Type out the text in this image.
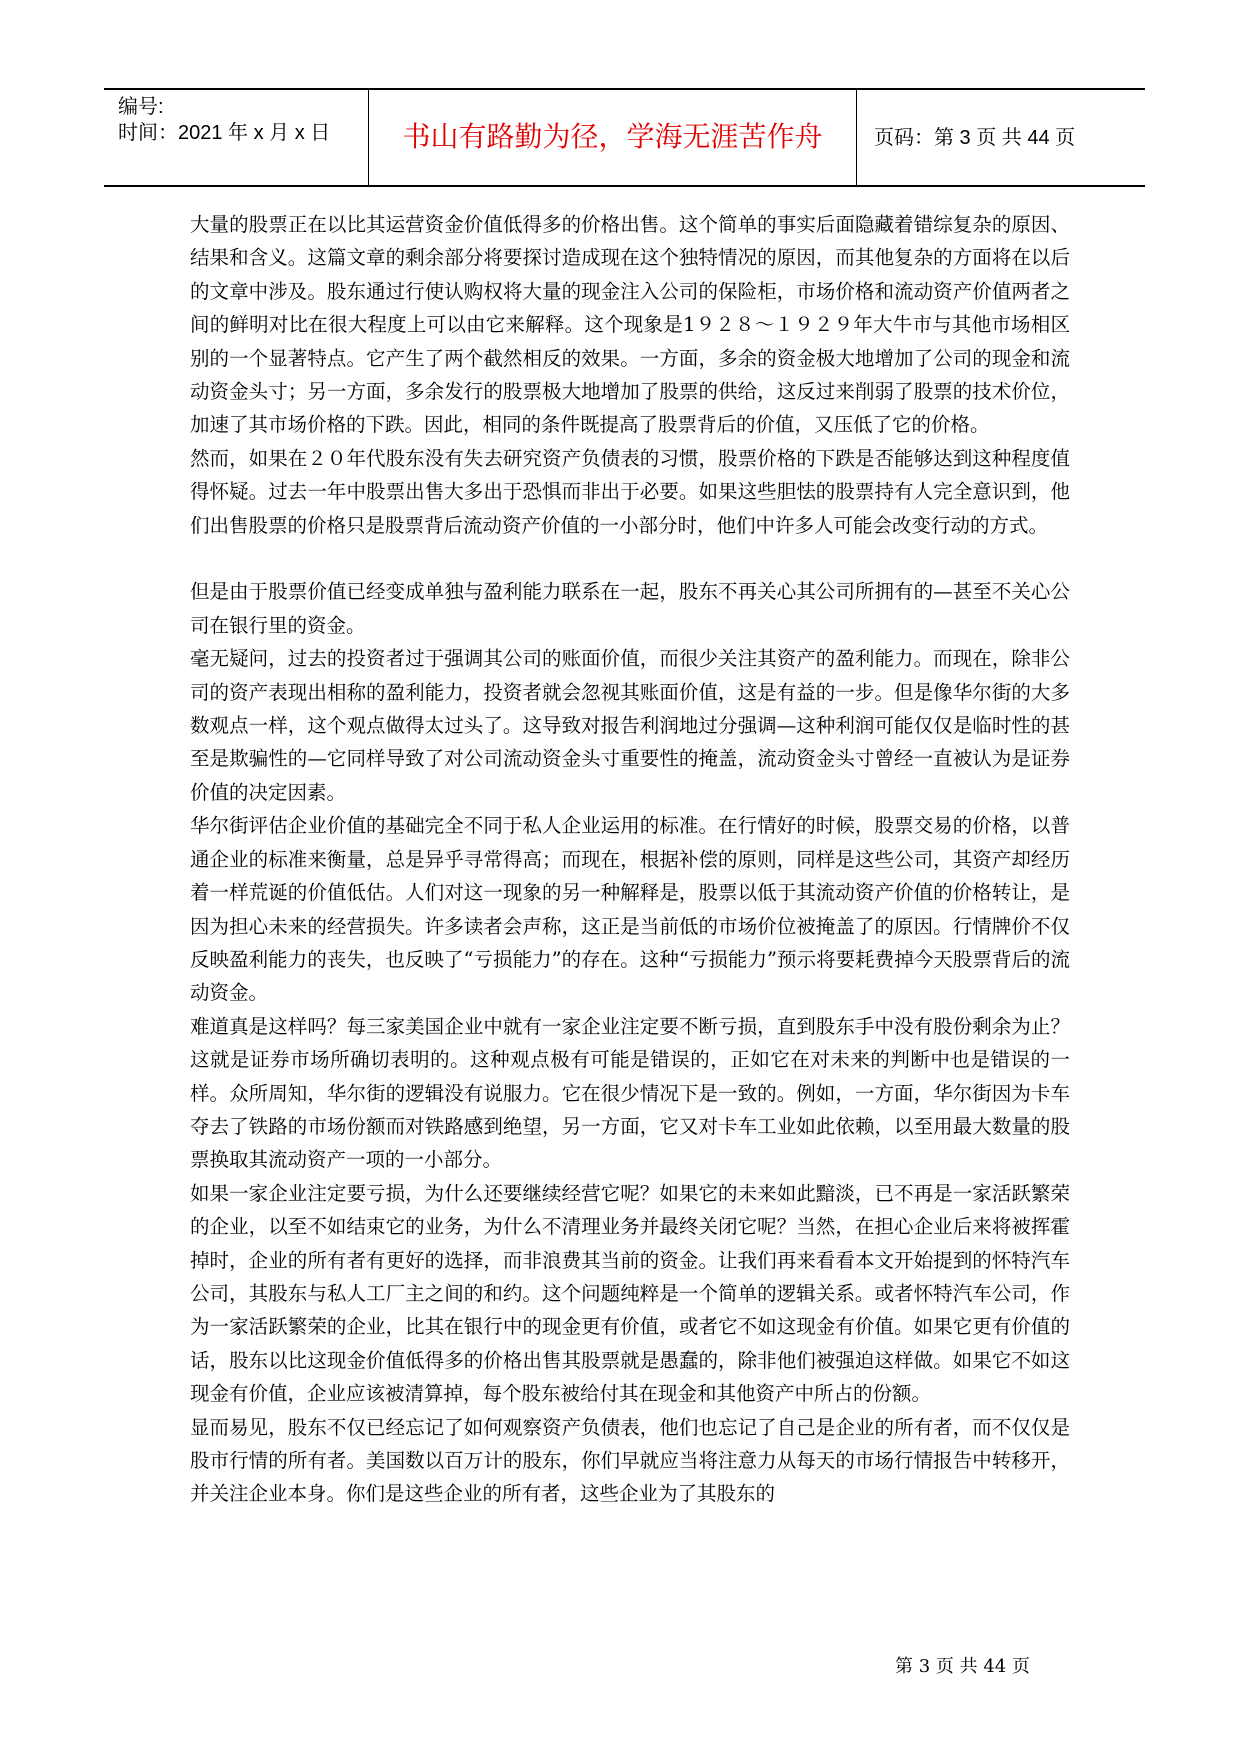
编号:
时间：2021 年 x 月 x 日	书山有路勤为径，学海无涯苦作舟	页码：第 3 页 共 44 页

大量的股票正在以比其运营资金价值低得多的价格出售。这个简单的事实后面隐藏着错综复杂的原因、结果和含义。这篇文章的剩余部分将要探讨造成现在这个独特情况的原因，而其他复杂的方面将在以后的文章中涉及。股东通过行使认购权将大量的现金注入公司的保险柜，市场价格和流动资产价值两者之间的鲜明对比在很大程度上可以由它来解释。这个现象是1９２８～１９２９年大牛市与其他市场相区别的一个显著特点。它产生了两个截然相反的效果。一方面，多余的资金极大地增加了公司的现金和流动资金头寸；另一方面，多余发行的股票极大地增加了股票的供给，这反过来削弱了股票的技术价位，加速了其市场价格的下跌。因此，相同的条件既提高了股票背后的价值，又压低了它的价格。

然而，如果在２０年代股东没有失去研究资产负债表的习惯，股票价格的下跌是否能够达到这种程度值得怀疑。过去一年中股票出售大多出于恐惧而非出于必要。如果这些胆怯的股票持有人完全意识到，他们出售股票的价格只是股票背后流动资产价值的一小部分时，他们中许多人可能会改变行动的方式。

但是由于股票价值已经变成单独与盈利能力联系在一起，股东不再关心其公司所拥有的—甚至不关心公司在银行里的资金。

毫无疑问，过去的投资者过于强调其公司的账面价值，而很少关注其资产的盈利能力。而现在，除非公司的资产表现出相称的盈利能力，投资者就会忽视其账面价值，这是有益的一步。但是像华尔街的大多数观点一样，这个观点做得太过头了。这导致对报告利润地过分强调—这种利润可能仅仅是临时性的甚至是欺骗性的—它同样导致了对公司流动资金头寸重要性的掩盖，流动资金头寸曾经一直被认为是证券价值的决定因素。

华尔街评估企业价值的基础完全不同于私人企业运用的标准。在行情好的时候，股票交易的价格，以普通企业的标准来衡量，总是异乎寻常得高；而现在，根据补偿的原则，同样是这些公司，其资产却经历着一样荒诞的价值低估。人们对这一现象的另一种解释是，股票以低于其流动资产价值的价格转让，是因为担心未来的经营损失。许多读者会声称，这正是当前低的市场价位被掩盖了的原因。行情牌价不仅反映盈利能力的丧失，也反映了“亏损能力”的存在。这种“亏损能力”预示将要耗费掉今天股票背后的流动资金。

难道真是这样吗？每三家美国企业中就有一家企业注定要不断亏损，直到股东手中没有股份剩余为止？这就是证券市场所确切表明的。这种观点极有可能是错误的，正如它在对未来的判断中也是错误的一样。众所周知，华尔街的逻辑没有说服力。它在很少情况下是一致的。例如，一方面，华尔街因为卡车夺去了铁路的市场份额而对铁路感到绝望，另一方面，它又对卡车工业如此依赖，以至用最大数量的股票换取其流动资产一项的一小部分。

如果一家企业注定要亏损，为什么还要继续经营它呢？如果它的未来如此黯淡，已不再是一家活跃繁荣的企业，以至不如结束它的业务，为什么不清理业务并最终关闭它呢？当然，在担心企业后来将被挥霍掉时，企业的所有者有更好的选择，而非浪费其当前的资金。让我们再来看看本文开始提到的怀特汽车公司，其股东与私人工厂主之间的和约。这个问题纯粹是一个简单的逻辑关系。或者怀特汽车公司，作为一家活跃繁荣的企业，比其在银行中的现金更有价值，或者它不如这现金有价值。如果它更有价值的话，股东以比这现金价值低得多的价格出售其股票就是愚蠢的，除非他们被强迫这样做。如果它不如这现金有价值，企业应该被清算掉，每个股东被给付其在现金和其他资产中所占的份额。

显而易见，股东不仅已经忘记了如何观察资产负债表，他们也忘记了自己是企业的所有者，而不仅仅是股市行情的所有者。美国数以百万计的股东，你们早就应当将注意力从每天的市场行情报告中转移开，并关注企业本身。你们是这些企业的所有者，这些企业为了其股东的

第 3 页 共 44 页
